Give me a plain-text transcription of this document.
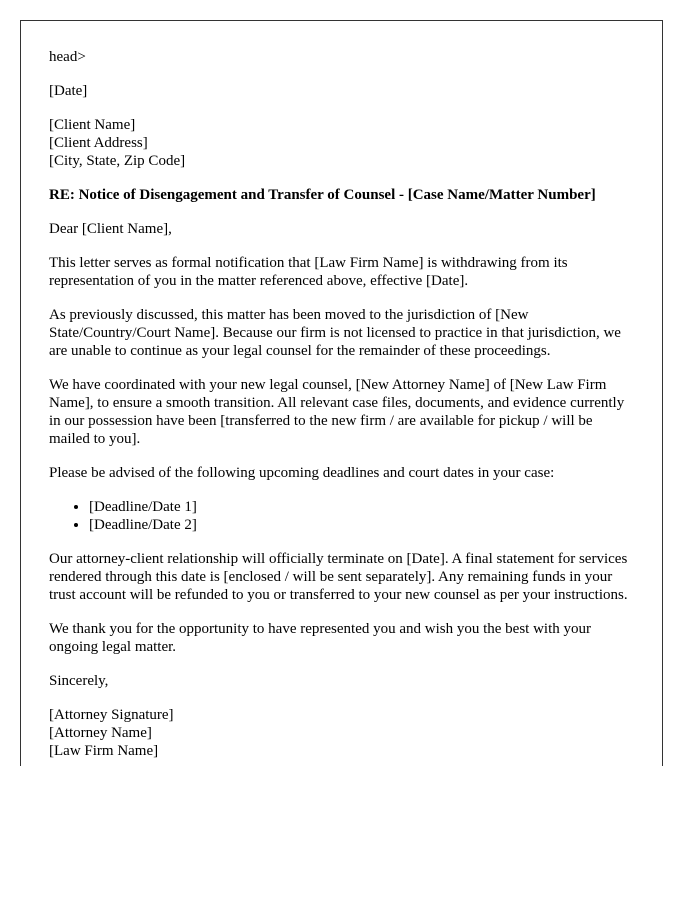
head>

[Date]

[Client Name]
[Client Address]
[City, State, Zip Code]

RE: Notice of Disengagement and Transfer of Counsel - [Case Name/Matter Number]

Dear [Client Name],

This letter serves as formal notification that [Law Firm Name] is withdrawing from its representation of you in the matter referenced above, effective [Date].

As previously discussed, this matter has been moved to the jurisdiction of [New State/Country/Court Name]. Because our firm is not licensed to practice in that jurisdiction, we are unable to continue as your legal counsel for the remainder of these proceedings.

We have coordinated with your new legal counsel, [New Attorney Name] of [New Law Firm Name], to ensure a smooth transition. All relevant case files, documents, and evidence currently in our possession have been [transferred to the new firm / are available for pickup / will be mailed to you].

Please be advised of the following upcoming deadlines and court dates in your case:

• [Deadline/Date 1]
• [Deadline/Date 2]

Our attorney-client relationship will officially terminate on [Date]. A final statement for services rendered through this date is [enclosed / will be sent separately]. Any remaining funds in your trust account will be refunded to you or transferred to your new counsel as per your instructions.

We thank you for the opportunity to have represented you and wish you the best with your ongoing legal matter.

Sincerely,

[Attorney Signature]
[Attorney Name]
[Law Firm Name]
